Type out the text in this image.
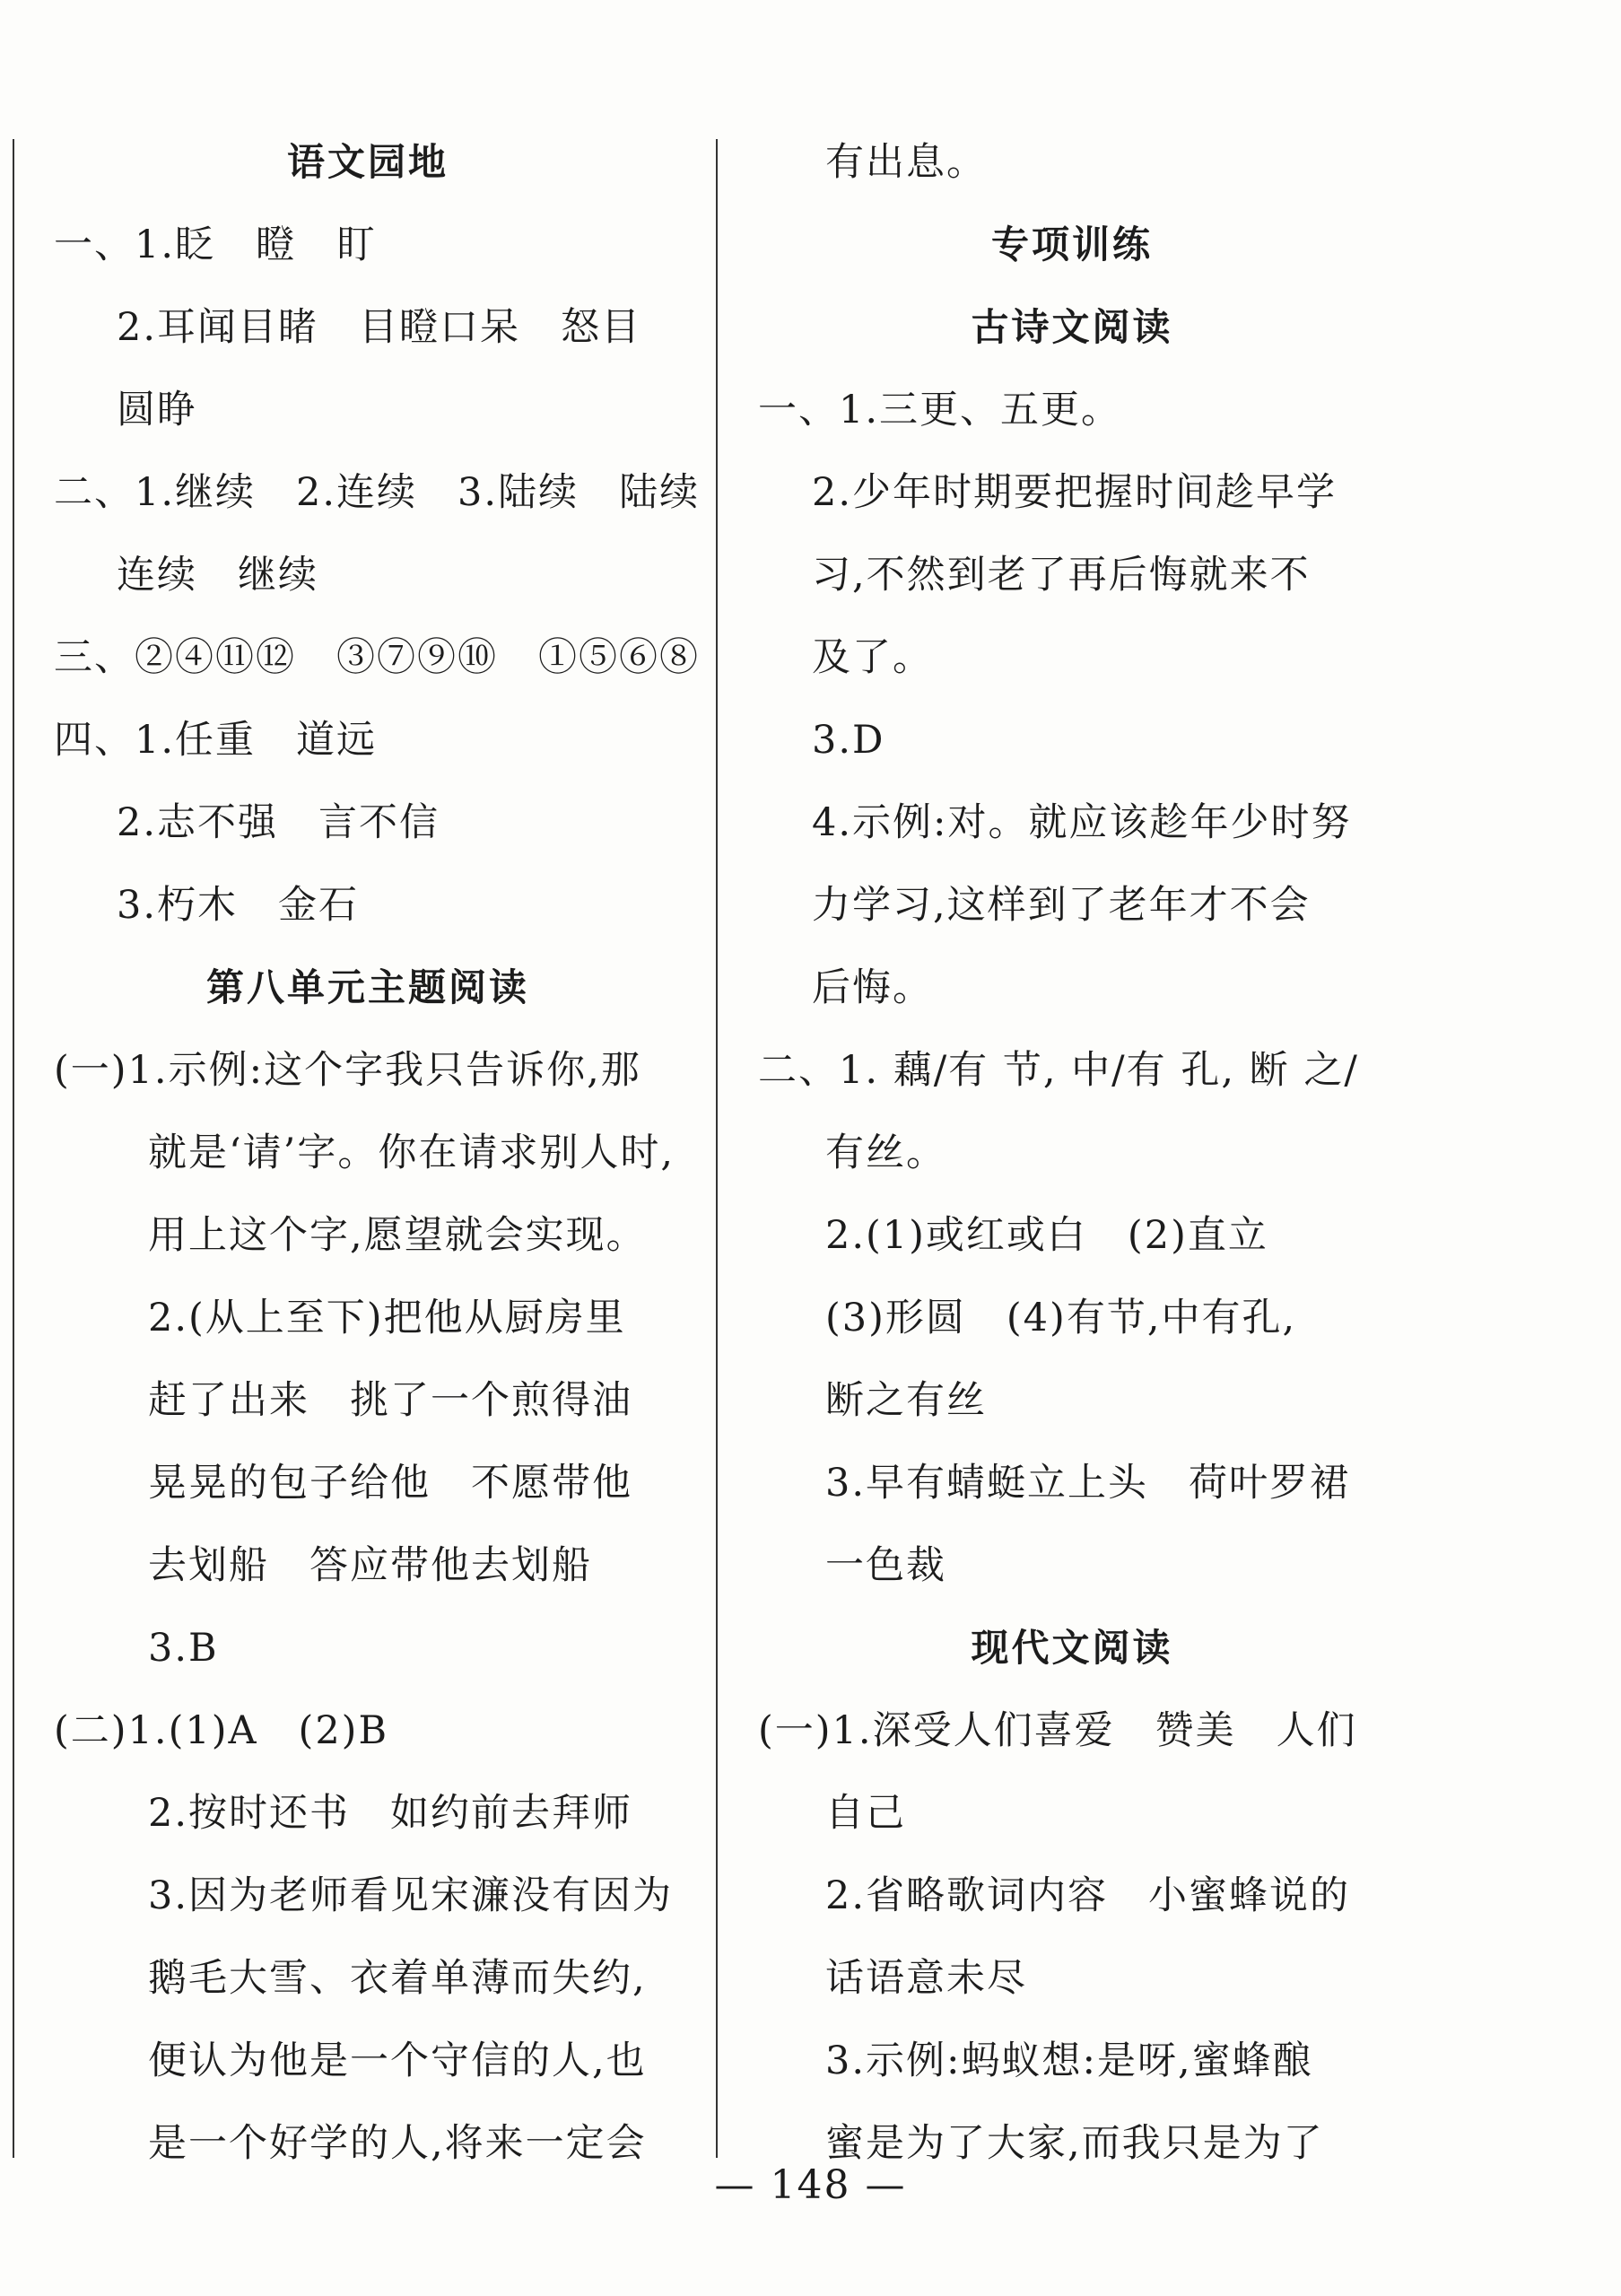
语文园地
一、1.眨　瞪　盯
2.耳闻目睹　目瞪口呆　怒目
圆睁
二、1.继续　2.连续　3.陆续　陆续
连续　继续
三、②④⑪⑫　③⑦⑨⑩　①⑤⑥⑧
四、1.任重　道远
2.志不强　言不信
3.朽木　金石
第八单元主题阅读
(一)1.示例:这个字我只告诉你,那
就是‘请’字。你在请求别人时,
用上这个字,愿望就会实现。
2.(从上至下)把他从厨房里
赶了出来　挑了一个煎得油
晃晃的包子给他　不愿带他
去划船　答应带他去划船
3.B
(二)1.(1)A　(2)B
2.按时还书　如约前去拜师
3.因为老师看见宋濂没有因为
鹅毛大雪、衣着单薄而失约,
便认为他是一个守信的人,也
是一个好学的人,将来一定会
有出息。
专项训练
古诗文阅读
一、1.三更、五更。
2.少年时期要把握时间趁早学
习,不然到老了再后悔就来不
及了。
3.D
4.示例:对。就应该趁年少时努
力学习,这样到了老年才不会
后悔。
二、1. 藕/有 节, 中/有 孔, 断 之/
有丝。
2.(1)或红或白　(2)直立
(3)形圆　(4)有节,中有孔,
断之有丝
3.早有蜻蜓立上头　荷叶罗裙
一色裁
现代文阅读
(一)1.深受人们喜爱　赞美　人们
自己
2.省略歌词内容　小蜜蜂说的
话语意未尽
3.示例:蚂蚁想:是呀,蜜蜂酿
蜜是为了大家,而我只是为了
— 148 —
